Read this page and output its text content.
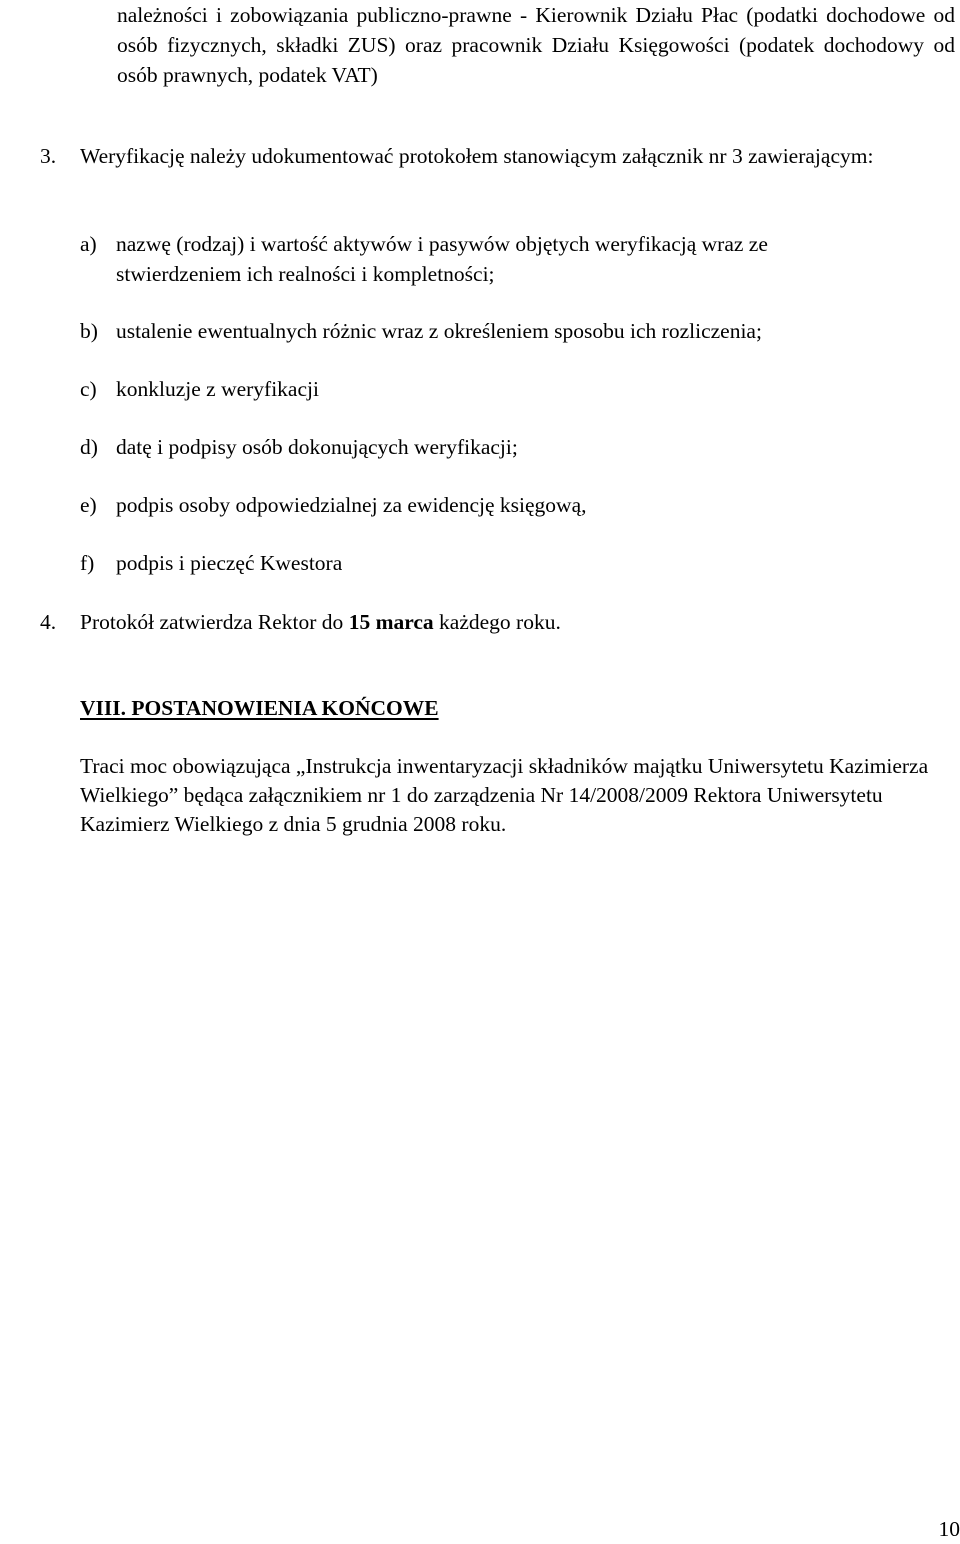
należności i zobowiązania publiczno-prawne - Kierownik Działu Płac (podatki dochodowe od osób fizycznych, składki ZUS) oraz pracownik Działu Księgowości (podatek dochodowy od osób prawnych, podatek VAT)

3. Weryfikację należy udokumentować protokołem stanowiącym załącznik nr 3 zawierającym:

a) nazwę (rodzaj) i wartość aktywów i pasywów objętych weryfikacją wraz ze stwierdzeniem ich realności i kompletności;

b) ustalenie ewentualnych różnic wraz z określeniem sposobu ich rozliczenia;

c) konkluzje z weryfikacji

d) datę i podpisy osób dokonujących weryfikacji;

e) podpis osoby odpowiedzialnej za ewidencję księgową,

f) podpis i pieczęć Kwestora

4. Protokół zatwierdza Rektor do 15 marca każdego roku.

VIII. POSTANOWIENIA KOŃCOWE

Traci moc obowiązująca „Instrukcja inwentaryzacji składników majątku Uniwersytetu Kazimierza Wielkiego” będąca załącznikiem nr 1 do zarządzenia Nr 14/2008/2009 Rektora Uniwersytetu Kazimierz Wielkiego z dnia 5 grudnia 2008 roku.

10
